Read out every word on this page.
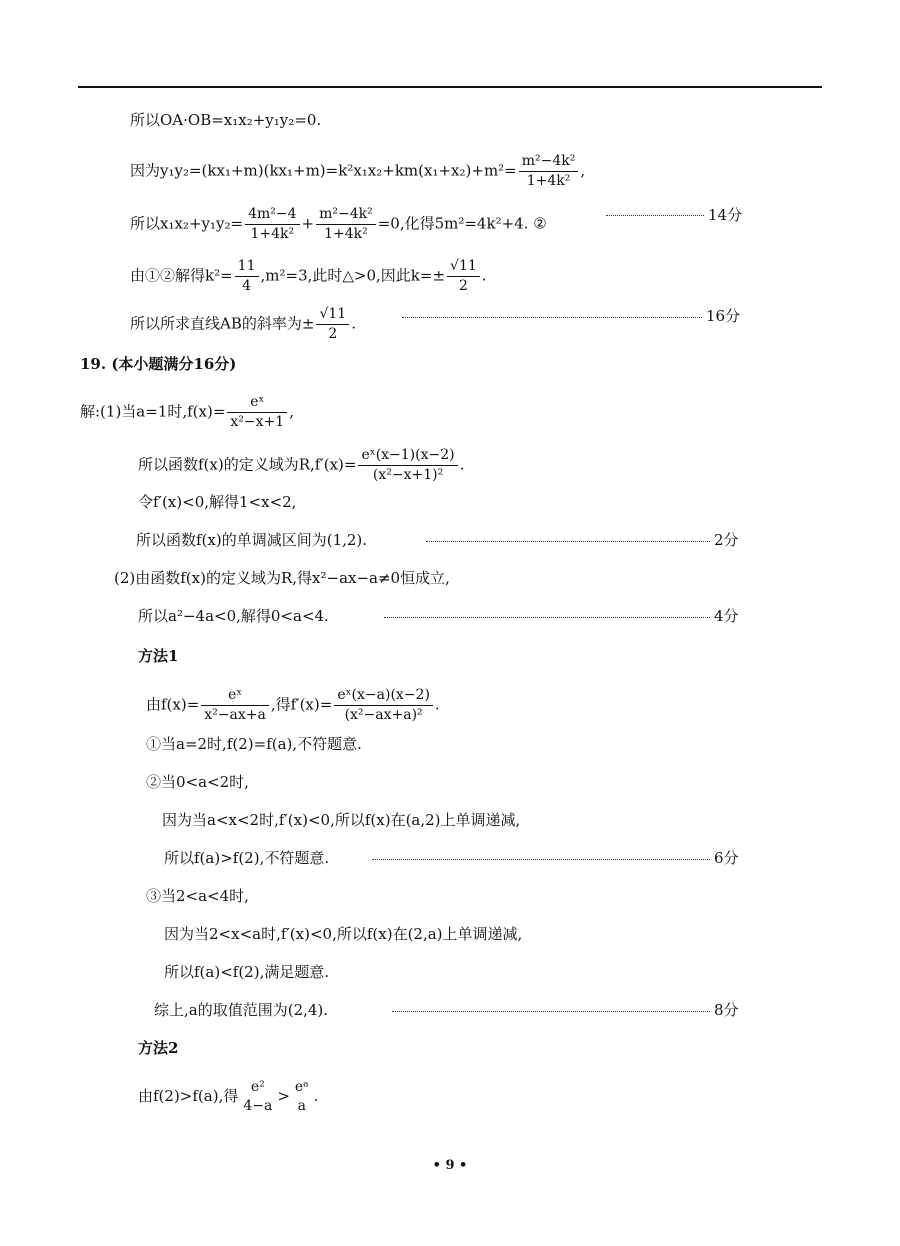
所以OA·OB=x₁x₂+y₁y₂=0.
因为$y_1y_2=(kx_1+m)(kx_1+m)=k^2x_1x_2+km(x_1+x_2)+m^2= \frac{\text{m²−4k²}}{\text{1+4k²}}$ ,
所以$x_1x_2+y_1y_2= \frac{\text{4m²−4}}{\text{1+4k²}} + \frac{\text{m²−4k²}}{\text{1+4k²}} =0$,化得5m²=4k²+4. ②	14分
由①②解得$k^2= \frac{11}{4} ,m^2=3$,此时△>0,因此$k=\pm \frac{√11}{2}$ .
所以所求直线AB的斜率为± $\frac{√11}{2}$ .	16分
19. (本小题满分16分)
解:(1)当a=1时$,f(x)= \frac{\text{eˣ}}{\text{x²−x+1}}$ ,
所以函数f(x)的定义域为$R,f'(x)= \frac{\text{eˣ(x−1)(x−2)}}{\text{(x²−x+1)²}}$ .
令f′(x)<0,解得1<x<2,
所以函数f(x)的单调减区间为(1,2).	2分
(2)由函数f(x)的定义域为R,得x²−ax−a≠0恒成立,
所以a²−4a<0,解得0<a<4.	4分
方法1
由$f(x)= \frac{\text{eˣ}}{\text{x²−ax+a}}$ ,得$f'(x)= \frac{\text{eˣ(x−a)(x−2)}}{\text{(x²−ax+a)²}}$ .
①当a=2时,f(2)=f(a),不符题意.
②当0<a<2时,
因为当a<x<2时,f′(x)<0,所以f(x)在(a,2)上单调递减,
所以f(a)>f(2),不符题意.	6分
③当2<a<4时,
因为当2<x<a时,f′(x)<0,所以f(x)在(2,a)上单调递减,
所以f(a)<f(2),满足题意.
综上,a的取值范围为(2,4).	8分
方法2
由f(2)>f(a),得 e²
4−a
> eᵃ
a
.
• 9 •
